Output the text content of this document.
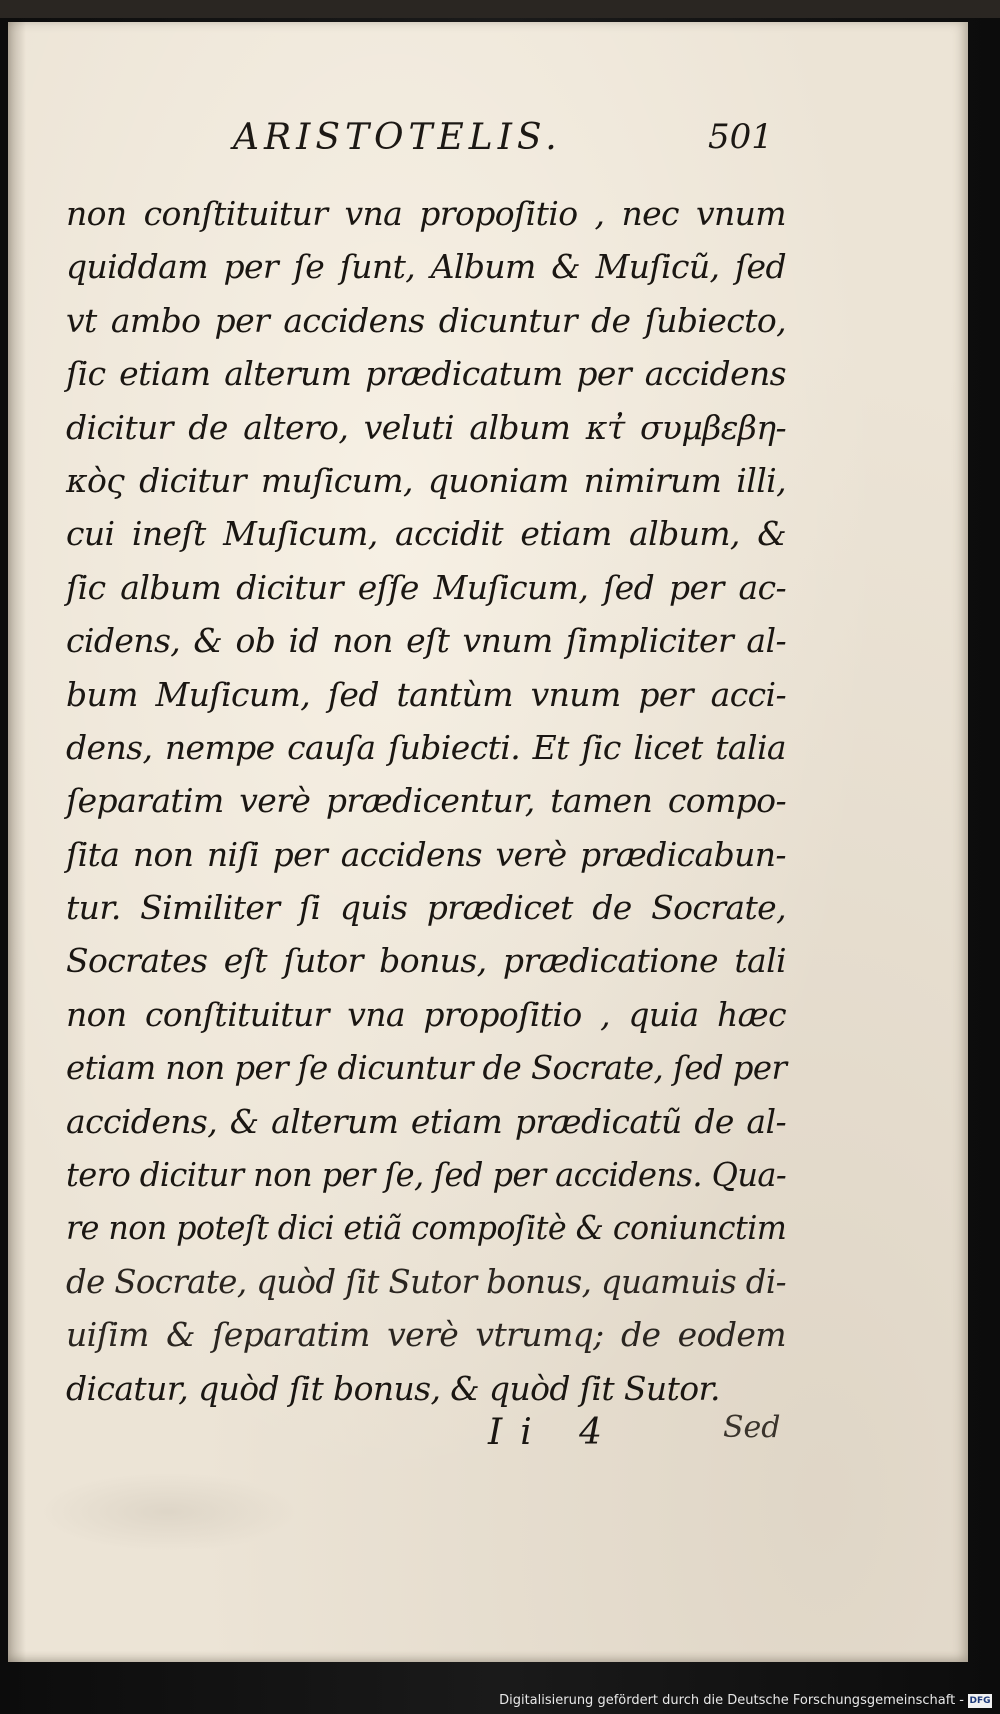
ARISTOTELIS.	501
non conſtituitur vna propoſitio , nec vnum
quiddam per ſe ſunt, Album & Muſicũ, ſed
vt ambo per accidens dicuntur de ſubiecto,
ſic etiam alterum prædicatum per accidens
dicitur de altero, veluti album κτ̓ συμβεβη-
κὸς dicitur muſicum, quoniam nimirum illi,
cui ineſt Muſicum, accidit etiam album, &
ſic album dicitur eſſe Muſicum, ſed per ac-
cidens, & ob id non eſt vnum ſimpliciter al-
bum Muſicum, ſed tantùm vnum per acci-
dens, nempe cauſa ſubiecti. Et ſic licet talia
ſeparatim verè prædicentur, tamen compo-
ſita non niſi per accidens verè prædicabun-
tur. Similiter ſi quis prædicet de Socrate,
Socrates eſt ſutor bonus, prædicatione tali
non conſtituitur vna propoſitio , quia hæc
etiam non per ſe dicuntur de Socrate, ſed per
accidens, & alterum etiam prædicatũ de al-
tero dicitur non per ſe, ſed per accidens. Qua-
re non poteſt dici etiã compoſitè & coniunctim
de Socrate, quòd ſit Sutor bonus, quamuis di-
uiſim & ſeparatim verè vtrumq; de eodem
dicatur, quòd ſit bonus, & quòd ſit Sutor.
Ii 4	Sed
Digitalisierung gefördert durch die Deutsche Forschungsgemeinschaft - DFG
